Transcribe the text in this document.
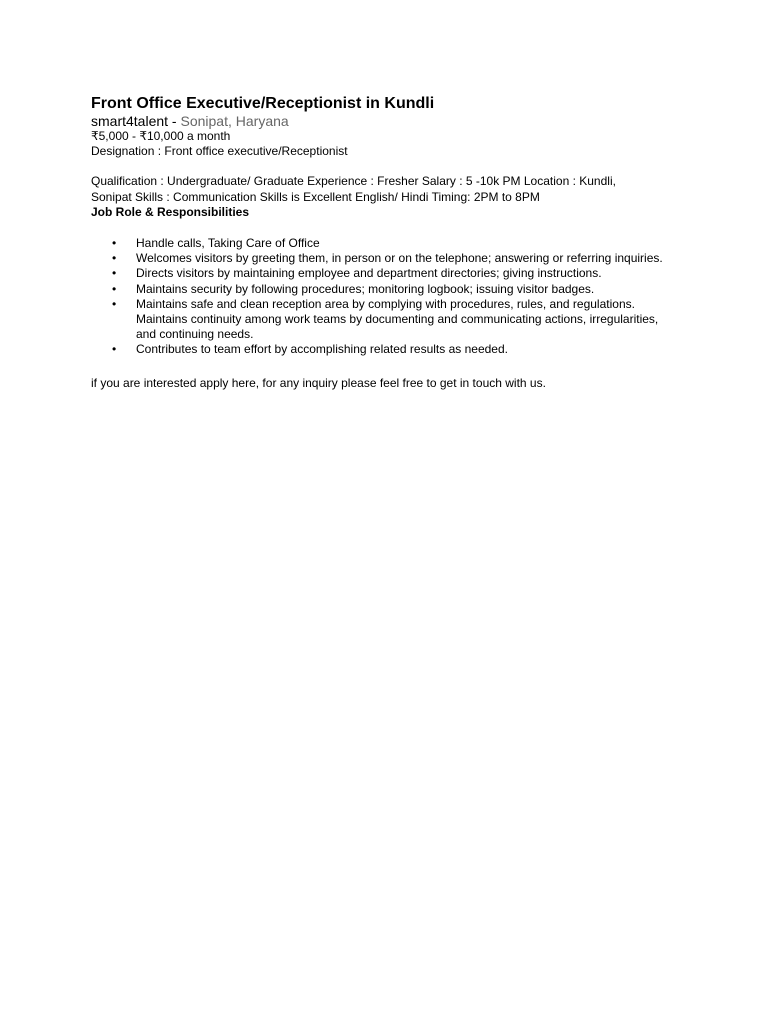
Front Office Executive/Receptionist in Kundli

smart4talent - Sonipat, Haryana

₹5,000 - ₹10,000 a month

Designation : Front office executive/Receptionist

Qualification : Undergraduate/ Graduate Experience : Fresher Salary : 5 -10k PM Location : Kundli, Sonipat Skills : Communication Skills is Excellent English/ Hindi Timing: 2PM to 8PM

Job Role & Responsibilities

• Handle calls, Taking Care of Office
• Welcomes visitors by greeting them, in person or on the telephone; answering or referring inquiries.
• Directs visitors by maintaining employee and department directories; giving instructions.
• Maintains security by following procedures; monitoring logbook; issuing visitor badges.
• Maintains safe and clean reception area by complying with procedures, rules, and regulations. Maintains continuity among work teams by documenting and communicating actions, irregularities, and continuing needs.
• Contributes to team effort by accomplishing related results as needed.

if you are interested apply here, for any inquiry please feel free to get in touch with us.
